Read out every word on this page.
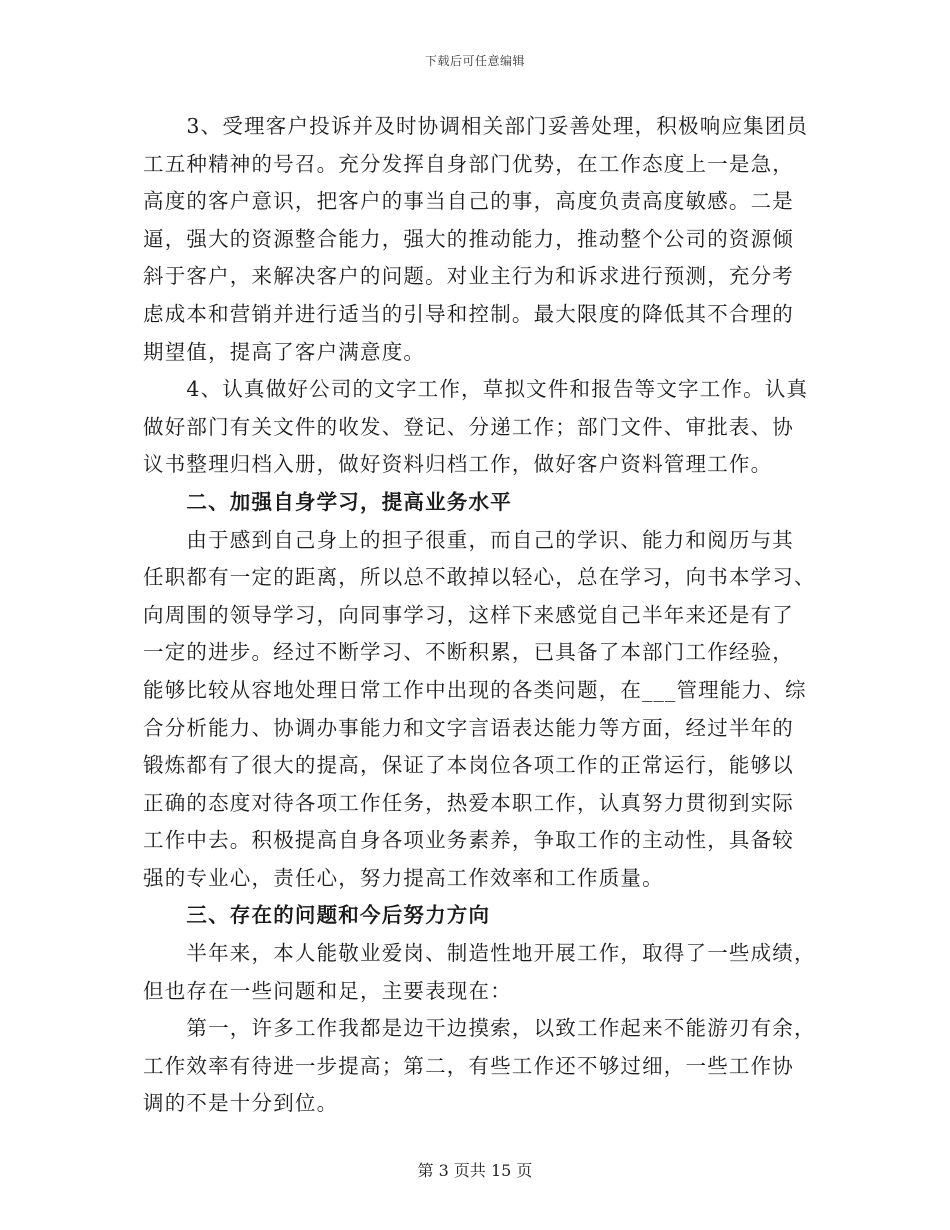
下载后可任意编辑
　　3、受理客户投诉并及时协调相关部门妥善处理，积极响应集团员
工五种精神的号召。充分发挥自身部门优势，在工作态度上一是急，
高度的客户意识，把客户的事当自己的事，高度负责高度敏感。二是
逼，强大的资源整合能力，强大的推动能力，推动整个公司的资源倾
斜于客户，来解决客户的问题。对业主行为和诉求进行预测，充分考
虑成本和营销并进行适当的引导和控制。最大限度的降低其不合理的
期望值，提高了客户满意度。
　　4、认真做好公司的文字工作，草拟文件和报告等文字工作。认真
做好部门有关文件的收发、登记、分递工作；部门文件、审批表、协
议书整理归档入册，做好资料归档工作，做好客户资料管理工作。
　　二、加强自身学习，提高业务水平
　　由于感到自己身上的担子很重，而自己的学识、能力和阅历与其
任职都有一定的距离，所以总不敢掉以轻心，总在学习，向书本学习、
向周围的领导学习，向同事学习，这样下来感觉自己半年来还是有了
一定的进步。经过不断学习、不断积累，已具备了本部门工作经验，
能够比较从容地处理日常工作中出现的各类问题，在___管理能力、综
合分析能力、协调办事能力和文字言语表达能力等方面，经过半年的
锻炼都有了很大的提高，保证了本岗位各项工作的正常运行，能够以
正确的态度对待各项工作任务，热爱本职工作，认真努力贯彻到实际
工作中去。积极提高自身各项业务素养，争取工作的主动性，具备较
强的专业心，责任心，努力提高工作效率和工作质量。
　　三、存在的问题和今后努力方向
　　半年来，本人能敬业爱岗、制造性地开展工作，取得了一些成绩，
但也存在一些问题和足，主要表现在：
　　第一，许多工作我都是边干边摸索，以致工作起来不能游刃有余，
工作效率有待进一步提高；第二，有些工作还不够过细，一些工作协
调的不是十分到位。
第 3 页共 15 页
